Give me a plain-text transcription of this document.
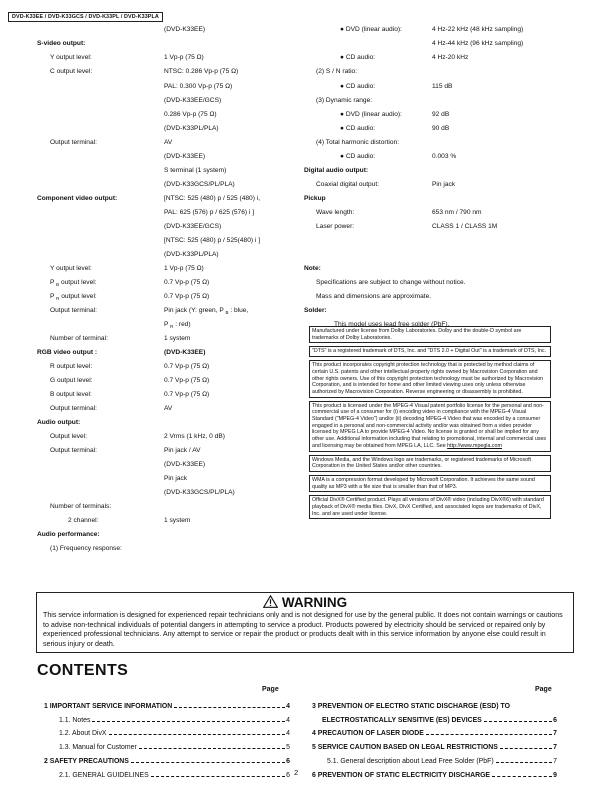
DVD-K33EE / DVD-K33GCS / DVD-K33PL / DVD-K33PLA
(DVD-K33EE)
S-video output:
Y output level:	1 Vp-p (75 Ω)
C output level:	NTSC: 0.286 Vp-p (75 Ω)
PAL: 0.300 Vp-p (75 Ω)
(DVD-K33EE/GCS)
0.286 Vp-p (75 Ω)
(DVD-K33PL/PLA)
Output terminal:	AV
(DVD-K33EE)
S terminal (1 system)
(DVD-K33GCS/PL/PLA)
Component video output:	[NTSC: 525 (480) p / 525 (480) i,
PAL: 625 (576) p / 625 (576) i ]
(DVD-K33EE/GCS)
[NTSC: 525 (480) p / 525(480) i ]
(DVD-K33PL/PLA)
Y output level:	1 Vp-p (75 Ω)
P $_B$ output level:	0.7 Vp-p (75 Ω)
P $_R$ output level:	0.7 Vp-p (75 Ω)
Output terminal:	Pin jack (Y: green, P $_B$ : blue,
P $_R$ : red)
Number of terminal:	1 system
RGB video output :	(DVD-K33EE)
R output level:	0.7 Vp-p (75 Ω)
G output level:	0.7 Vp-p (75 Ω)
B output level:	0.7 Vp-p (75 Ω)
Output terminal:	AV
Audio output:
Output level:	2 Vrms (1 kHz, 0 dB)
Output terminal:	Pin jack / AV
(DVD-K33EE)
Pin jack
(DVD-K33GCS/PL/PLA)
Number of terminals:
2 channel:	1 system
Audio performance:
(1) Frequency response:
● DVD (linear audio):	4 Hz-22 kHz (48 kHz sampling)
4 Hz-44 kHz (96 kHz sampling)
● CD audio:	4 Hz-20 kHz
(2) S / N ratio:
● CD audio:	115 dB
(3) Dynamic range:
● DVD (linear audio):	92 dB
● CD audio:	90 dB
(4) Total harmonic distortion:
● CD audio:	0.003 %
Digital audio output:
Coaxial digital output:	Pin jack
Pickup
Wave length:	653 nm / 790 nm
Laser power:	CLASS 1 / CLASS 1M
Note:
Specifications are subject to change without notice.
Mass and dimensions are approximate.
Solder:
This model uses lead free solder (PbF).

Manufactured under license from Dolby Laboratories. Dolby and the double-D symbol are trademarks of Dolby Laboratories.

"DTS" is a registered trademark of DTS, Inc. and "DTS 2.0 + Digital Out" is a trademark of DTS, Inc.

This product incorporates copyright protection technology that is protected by method claims of certain U.S. patents and other intellectual property rights owned by Macrovision Corporation and other rights owners. Use of this copyright protection technology must be authorized by Macrovision Corporation, and is intended for home and other limited viewing uses only unless otherwise authorized by Macrovision Corporation. Reverse engineering or disassembly is prohibited.

This product is licensed under the MPEG-4 Visual patent portfolio license for the personal and non-commercial use of a consumer for (i) encoding video in compliance with the MPEG-4 Visual Standard ("MPEG-4 Video") and/or (ii) decoding MPEG-4 Video that was encoded by a consumer engaged in a personal and non-commercial activity and/or was obtained from a video provider licensed by MPEG LA to provide MPEG-4 Video. No license is granted or shall be implied for any other use. Additional information including that relating to promotional, internal and commercial uses and licensing may be obtained from MPEG LA, LLC. See http://www.mpegla.com

Windows Media, and the Windows logo are trademarks, or registered trademarks of Microsoft Corporation in the United States and/or other countries.

WMA is a compression format developed by Microsoft Corporation. It achieves the same sound quality as MP3 with a file size that is smaller than that of MP3.

Official DivX® Certified product. Plays all versions of DivX® video (including DivX®6) with standard playback of DivX® media files. DivX, DivX Certified, and associated logos are trademarks of DivX, Inc. and are used under license.

WARNING
This service information is designed for experienced repair technicians only and is not designed for use by the general public. It does not contain warnings or cautions to advise non-technical individuals of potential dangers in attempting to service a product. Products powered by electricity should be serviced or repaired only by experienced professional technicians. Any attempt to service or repair the product or products dealt with in this service information by anyone else could result in serious injury or death.
CONTENTS
Page	Page
1 IMPORTANT SERVICE INFORMATION	4
1.1. Notes	4
1.2. About DivX	4
1.3. Manual for Customer	5
2 SAFETY PRECAUTIONS	6
2.1. GENERAL GUIDELINES	6
3 PREVENTION OF ELECTRO STATIC DISCHARGE (ESD) TO
ELECTROSTATICALLY SENSITIVE (ES) DEVICES	6
4 PRECAUTION OF LASER DIODE	7
5 SERVICE CAUTION BASED ON LEGAL RESTRICTIONS	7
5.1. General description about Lead Free Solder (PbF)	7
6 PREVENTION OF STATIC ELECTRICITY DISCHARGE	9
2
